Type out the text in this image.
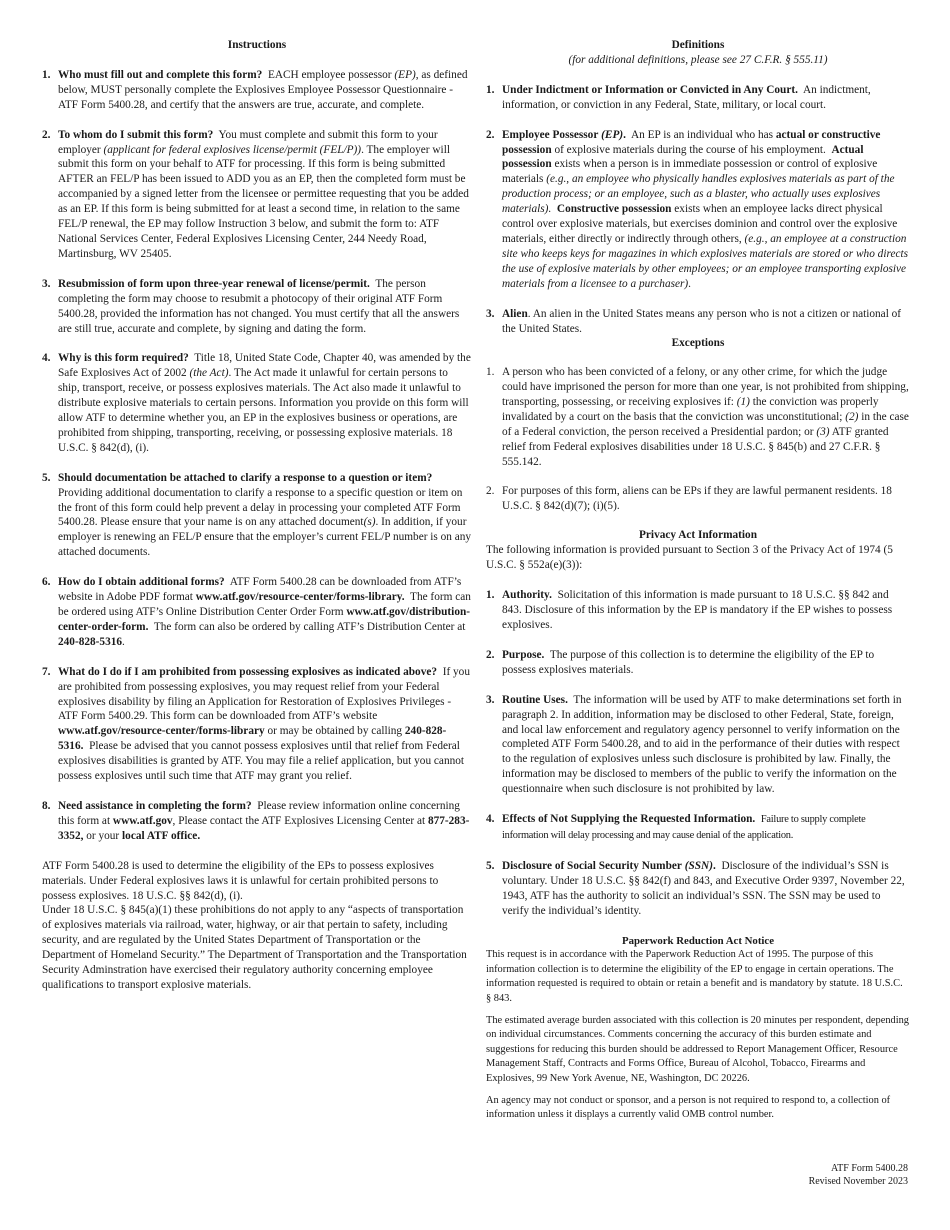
Instructions

1. Who must fill out and complete this form? EACH employee possessor (EP), as defined below, MUST personally complete the Explosives Employee Possessor Questionnaire - ATF Form 5400.28, and certify that the answers are true, accurate, and complete.
2. To whom do I submit this form? You must complete and submit this form to your employer (applicant for federal explosives license/permit (FEL/P)). The employer will submit this form on your behalf to ATF for processing. If this form is being submitted AFTER an FEL/P has been issued to ADD you as an EP, then the completed form must be accompanied by a signed letter from the licensee or permittee requesting that you be added as an EP. If this form is being submitted for at least a second time, in relation to the same FEL/P renewal, the EP may follow Instruction 3 below, and submit the form to: ATF National Services Center, Federal Explosives Licensing Center, 244 Needy Road, Martinsburg, WV 25405.
3. Resubmission of form upon three-year renewal of license/permit. The person completing the form may choose to resubmit a photocopy of their original ATF Form 5400.28, provided the information has not changed. You must certify that all the answers are still true, accurate and complete, by signing and dating the form.
4. Why is this form required? Title 18, United State Code, Chapter 40, was amended by the Safe Explosives Act of 2002 (the Act). The Act made it unlawful for certain persons to ship, transport, receive, or possess explosives materials. The Act also made it unlawful to distribute explosive materials to certain persons. Information you provide on this form will allow ATF to determine whether you, an EP in the explosives business or operations, are prohibited from shipping, transporting, receiving, or possessing explosive materials. 18 U.S.C. § 842(d), (i).
5. Should documentation be attached to clarify a response to a question or item? Providing additional documentation to clarify a response to a specific question or item on the front of this form could help prevent a delay in processing your completed ATF Form 5400.28. Please ensure that your name is on any attached document(s). In addition, if your employer is renewing an FEL/P ensure that the employer’s current FEL/P number is on any attached documents.
6. How do I obtain additional forms? ATF Form 5400.28 can be downloaded from ATF’s website in Adobe PDF format www.atf.gov/resource-center/forms-library. The form can be ordered using ATF’s Online Distribution Center Order Form www.atf.gov/distribution-center-order-form. The form can also be ordered by calling ATF’s Distribution Center at 240-828-5316.
7. What do I do if I am prohibited from possessing explosives as indicated above? If you are prohibited from possessing explosives, you may request relief from your Federal explosives disability by filing an Application for Restoration of Explosives Privileges - ATF Form 5400.29. This form can be downloaded from ATF’s website www.atf.gov/resource-center/forms-library or may be obtained by calling 240-828-5316. Please be advised that you cannot possess explosives until that relief from Federal explosives disabilities is granted by ATF. You may file a relief application, but you cannot possess explosives until such time that ATF may grant you relief.
8. Need assistance in completing the form? Please review information online concerning this form at www.atf.gov, Please contact the ATF Explosives Licensing Center at 877-283-3352, or your local ATF office.

ATF Form 5400.28 is used to determine the eligibility of the EPs to possess explosives materials. Under Federal explosives laws it is unlawful for certain prohibited persons to possess explosives. 18 U.S.C. §§ 842(d), (i).

Under 18 U.S.C. § 845(a)(1) these prohibitions do not apply to any “aspects of transportation of explosives materials via railroad, water, highway, or air that pertain to safety, including security, and are regulated by the United States Department of Transportation or the Department of Homeland Security.” The Department of Transportation and the Transportation Security Adminstration have exercised their regulatory authority concerning employee qualifications to transport explosive materials.

Definitions

(for additional definitions, please see 27 C.F.R. § 555.11)

1. Under Indictment or Information or Convicted in Any Court. An indictment, information, or conviction in any Federal, State, military, or local court.
2. Employee Possessor (EP). An EP is an individual who has actual or constructive possession of explosive materials during the course of his employment. Actual possession exists when a person is in immediate possession or control of explosive materials (e.g., an employee who physically handles explosives materials as part of the production process; or an employee, such as a blaster, who actually uses explosives materials). Constructive possession exists when an employee lacks direct physical control over explosive materials, but exercises dominion and control over the explosive materials, either directly or indirectly through others, (e.g., an employee at a construction site who keeps keys for magazines in which explosives materials are stored or who directs the use of explosive materials by other employees; or an employee transporting explosive materials from a licensee to a purchaser).
3. Alien. An alien in the United States means any person who is not a citizen or national of the United States.

Exceptions

1. A person who has been convicted of a felony, or any other crime, for which the judge could have imprisoned the person for more than one year, is not prohibited from shipping, transporting, possessing, or receiving explosives if: (1) the conviction was properly invalidated by a court on the basis that the conviction was unconstitutional; (2) in the case of a Federal conviction, the person received a Presidential pardon; or (3) ATF granted relief from Federal explosives disabilities under 18 U.S.C. § 845(b) and 27 C.F.R. § 555.142.
2. For purposes of this form, aliens can be EPs if they are lawful permanent residents. 18 U.S.C. § 842(d)(7); (i)(5).

Privacy Act Information

The following information is provided pursuant to Section 3 of the Privacy Act of 1974 (5 U.S.C. § 552a(e)(3)):

1. Authority. Solicitation of this information is made pursuant to 18 U.S.C. §§ 842 and 843. Disclosure of this information by the EP is mandatory if the EP wishes to possess explosives.
2. Purpose. The purpose of this collection is to determine the eligibility of the EP to possess explosives materials.
3. Routine Uses. The information will be used by ATF to make determinations set forth in paragraph 2. In addition, information may be disclosed to other Federal, State, foreign, and local law enforcement and regulatory agency personnel to verify information on the completed ATF Form 5400.28, and to aid in the performance of their duties with respect to the regulation of explosives unless such disclosure is prohibited by law. Finally, the information may be disclosed to members of the public to verify the information on the questionnaire when such disclosure is not prohibited by law.
4. Effects of Not Supplying the Requested Information. Failure to supply complete information will delay processing and may cause denial of the application.
5. Disclosure of Social Security Number (SSN). Disclosure of the individual’s SSN is voluntary. Under 18 U.S.C. §§ 842(f) and 843, and Executive Order 9397, November 22, 1943, ATF has the authority to solicit an individual’s SSN. The SSN may be used to verify the individual’s identity.

Paperwork Reduction Act Notice

This request is in accordance with the Paperwork Reduction Act of 1995. The purpose of this information collection is to determine the eligibility of the EP to engage in certain operations. The information requested is required to obtain or retain a benefit and is mandatory by statute. 18 U.S.C. § 843.

The estimated average burden associated with this collection is 20 minutes per respondent, depending on individual circumstances. Comments concerning the accuracy of this burden estimate and suggestions for reducing this burden should be addressed to Report Management Officer, Resource Management Staff, Contracts and Forms Office, Bureau of Alcohol, Tobacco, Firearms and Explosives, 99 New York Avenue, NE, Washington, DC 20226.

An agency may not conduct or sponsor, and a person is not required to respond to, a collection of information unless it displays a currently valid OMB control number.

ATF Form 5400.28
Revised November 2023
